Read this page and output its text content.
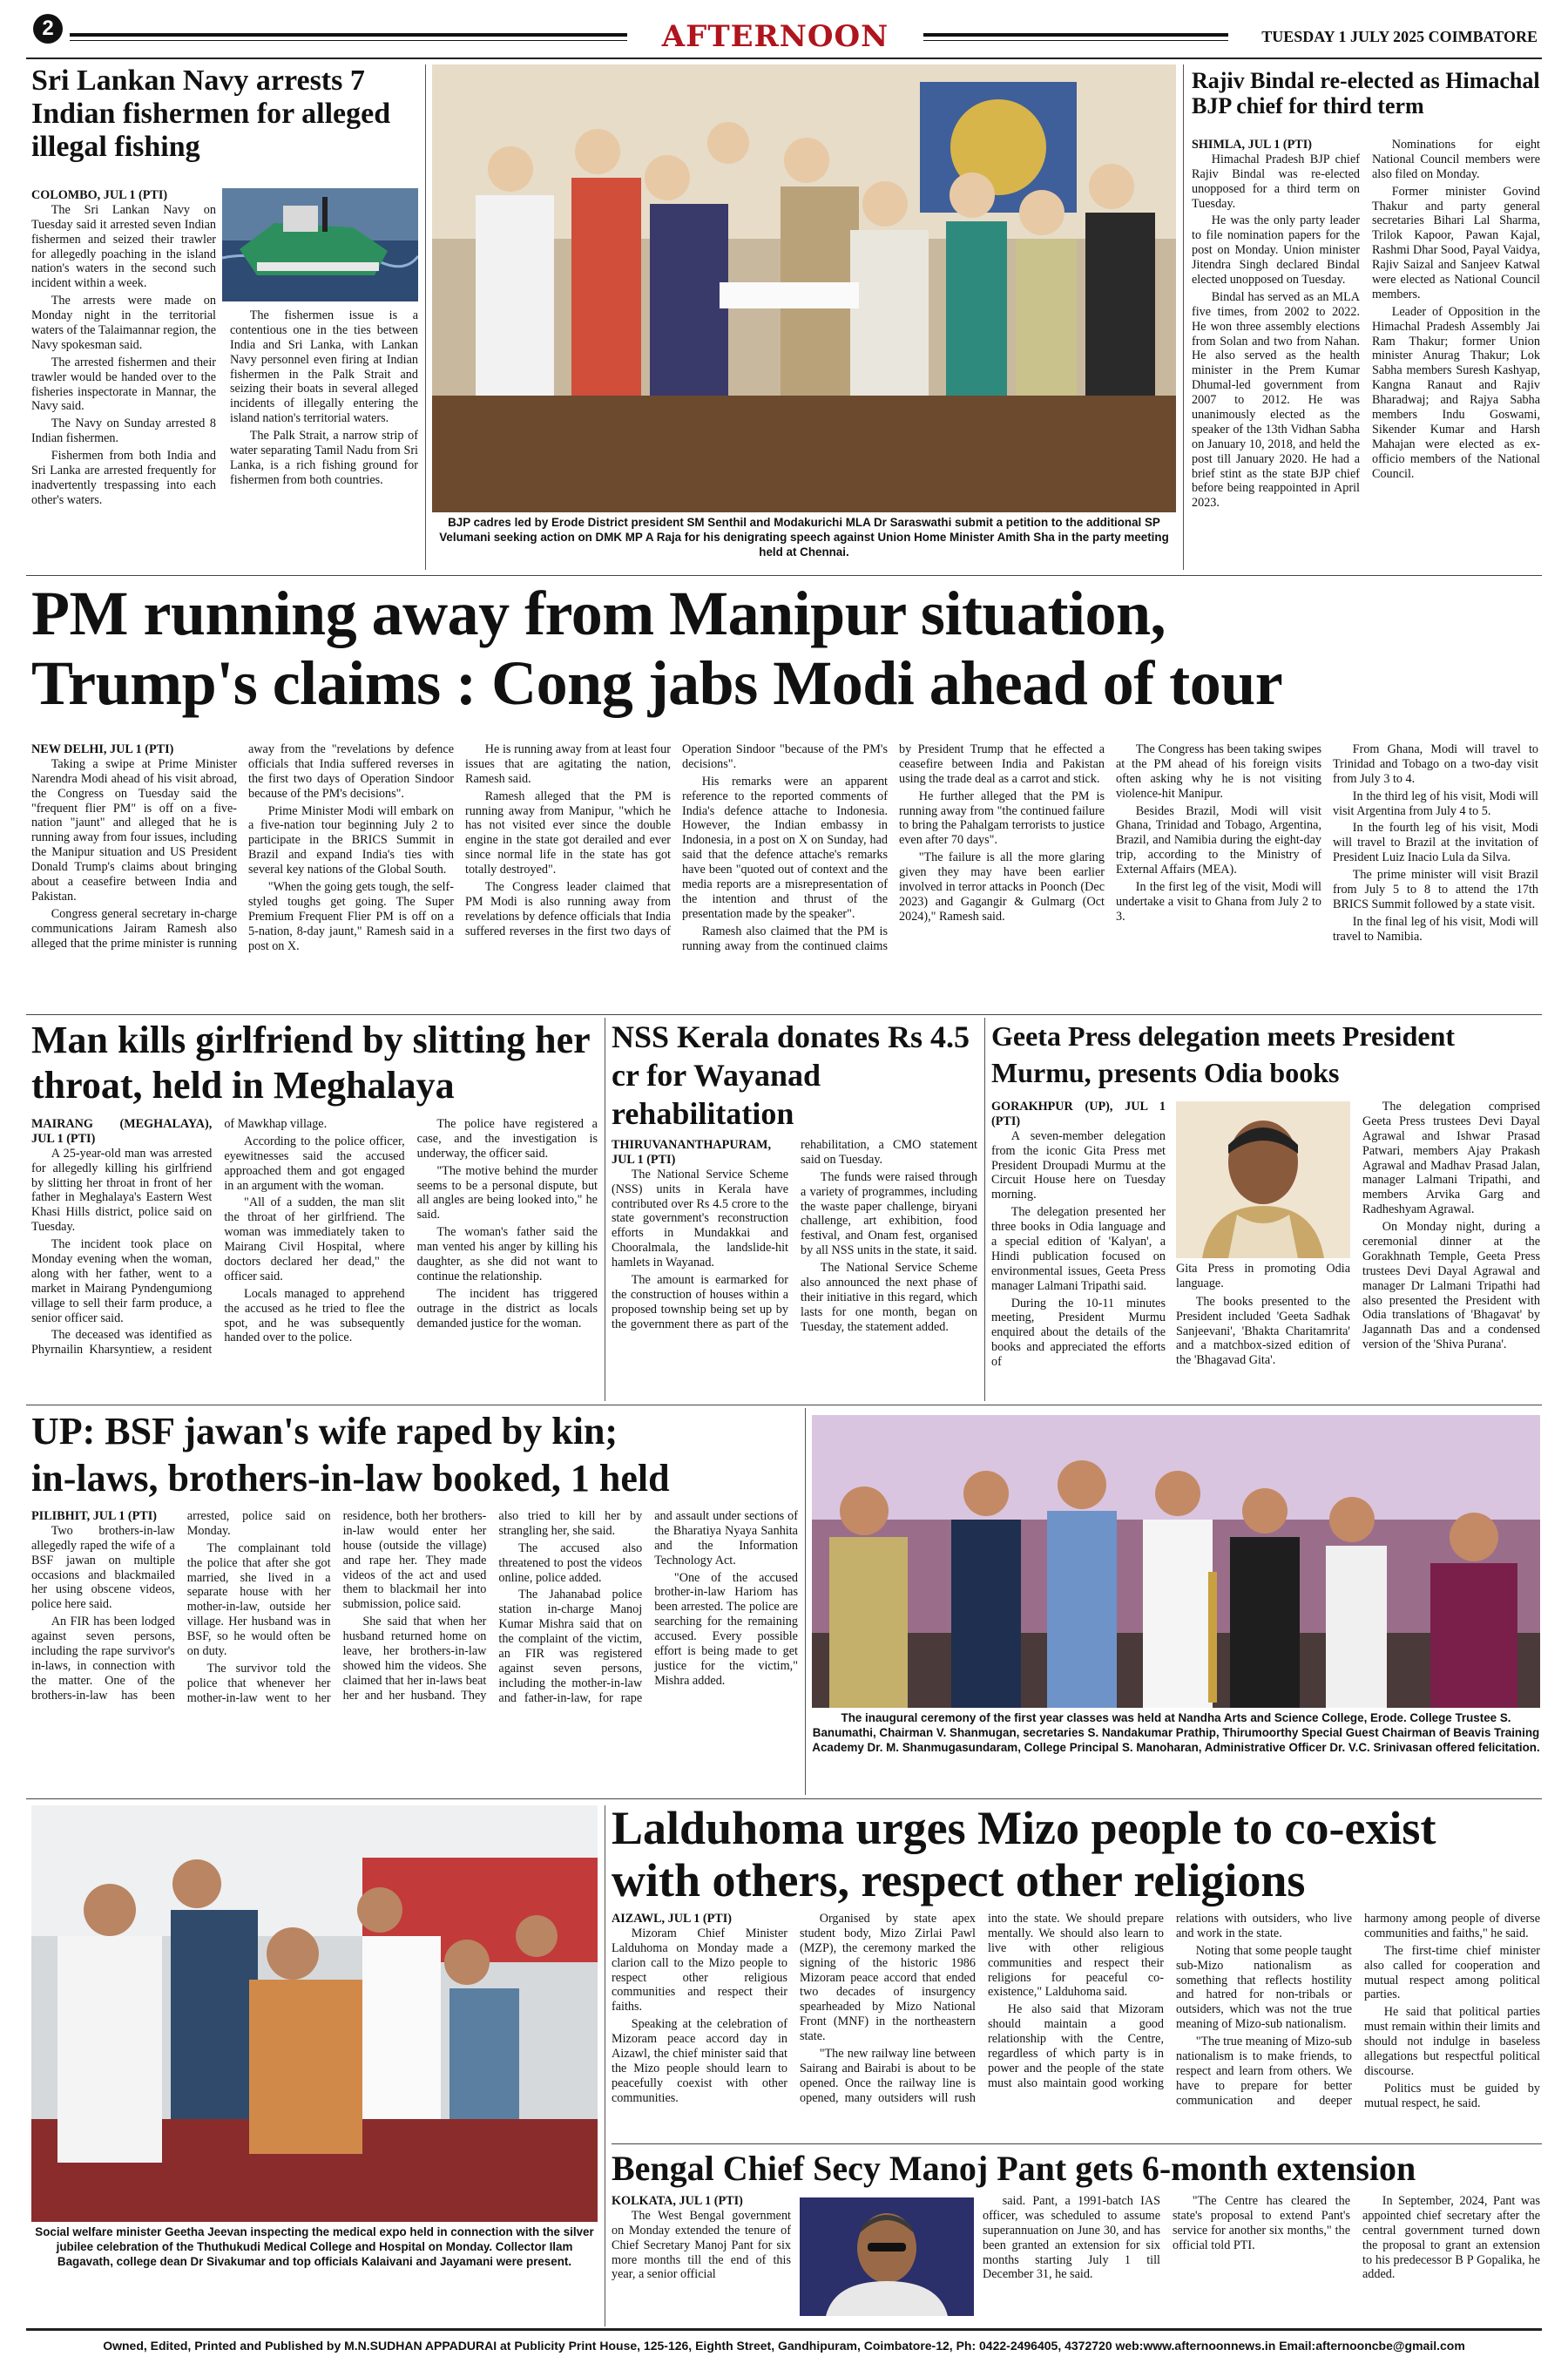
2	AFTERNOON	TUESDAY 1 JULY 2025 COIMBATORE
Sri Lankan Navy arrests 7 Indian fishermen for alleged illegal fishing
COLOMBO, JUL 1 (PTI)

The Sri Lankan Navy on Tuesday said it arrested seven Indian fishermen and seized their trawler for allegedly poaching in the island nation's waters in the second such incident within a week.

The arrests were made on Monday night in the territorial waters of the Talaimannar region, the Navy spokesman said.

The arrested fishermen and their trawler would be handed over to the fisheries inspectorate in Mannar, the Navy said.

The Navy on Sunday arrested 8 Indian fishermen.

Fishermen from both India and Sri Lanka are arrested frequently for inadvertently trespassing into each other's waters.

The fishermen issue is a contentious one in the ties between India and Sri Lanka, with Lankan Navy personnel even firing at Indian fishermen in the Palk Strait and seizing their boats in several alleged incidents of illegally entering the island nation's territorial waters.

The Palk Strait, a narrow strip of water separating Tamil Nadu from Sri Lanka, is a rich fishing ground for fishermen from both countries.

BJP cadres led by Erode District president SM Senthil and Modakurichi MLA Dr Saraswathi submit a petition to the additional SP Velumani seeking action on DMK MP A Raja for his denigrating speech against Union Home Minister Amith Sha in the party meeting held at Chennai.
Rajiv Bindal re-elected as Himachal BJP chief for third term
SHIMLA, JUL 1 (PTI)

Himachal Pradesh BJP chief Rajiv Bindal was re-elected unopposed for a third term on Tuesday.

He was the only party leader to file nomination papers for the post on Monday. Union minister Jitendra Singh declared Bindal elected unopposed on Tuesday.

Bindal has served as an MLA five times, from 2002 to 2022. He won three assembly elections from Solan and two from Nahan. He also served as the health minister in the Prem Kumar Dhumal-led government from 2007 to 2012. He was unanimously elected as the speaker of the 13th Vidhan Sabha on January 10, 2018, and held the post till January 2020. He had a brief stint as the state BJP chief before being reappointed in April 2023.

Nominations for eight National Council members were also filed on Monday.

Former minister Govind Thakur and party general secretaries Bihari Lal Sharma, Trilok Kapoor, Pawan Kajal, Rashmi Dhar Sood, Payal Vaidya, Rajiv Saizal and Sanjeev Katwal were elected as National Council members.

Leader of Opposition in the Himachal Pradesh Assembly Jai Ram Thakur; former Union minister Anurag Thakur; Lok Sabha members Suresh Kashyap, Kangna Ranaut and Rajiv Bharadwaj; and Rajya Sabha members Indu Goswami, Sikender Kumar and Harsh Mahajan were elected as ex-officio members of the National Council.

PM running away from Manipur situation,
Trump's claims : Cong jabs Modi ahead of tour
NEW DELHI, JUL 1 (PTI)

Taking a swipe at Prime Minister Narendra Modi ahead of his visit abroad, the Congress on Tuesday said the "frequent flier PM" is off on a five-nation "jaunt" and alleged that he is running away from four issues, including the Manipur situation and US President Donald Trump's claims about bringing about a ceasefire between India and Pakistan.

Congress general secretary in-charge communications Jairam Ramesh also alleged that the prime minister is running away from the "revelations by defence officials that India suffered reverses in the first two days of Operation Sindoor because of the PM's decisions".

Prime Minister Modi will embark on a five-nation tour beginning July 2 to participate in the BRICS Summit in Brazil and expand India's ties with several key nations of the Global South.

"When the going gets tough, the self-styled toughs get going. The Super Premium Frequent Flier PM is off on a 5-nation, 8-day jaunt," Ramesh said in a post on X.

He is running away from at least four issues that are agitating the nation, Ramesh said.

Ramesh alleged that the PM is running away from Manipur, "which he has not visited ever since the double engine in the state got derailed and ever since normal life in the state has got totally destroyed".

The Congress leader claimed that PM Modi is also running away from revelations by defence officials that India suffered reverses in the first two days of Operation Sindoor "because of the PM's decisions".

His remarks were an apparent reference to the reported comments of India's defence attache to Indonesia. However, the Indian embassy in Indonesia, in a post on X on Sunday, had said that the defence attache's remarks have been "quoted out of context and the media reports are a misrepresentation of the intention and thrust of the presentation made by the speaker".

Ramesh also claimed that the PM is running away from the continued claims by President Trump that he effected a ceasefire between India and Pakistan using the trade deal as a carrot and stick.

He further alleged that the PM is running away from "the continued failure to bring the Pahalgam terrorists to justice even after 70 days".

"The failure is all the more glaring given they may have been earlier involved in terror attacks in Poonch (Dec 2023) and Gagangir & Gulmarg (Oct 2024)," Ramesh said.

The Congress has been taking swipes at the PM ahead of his foreign visits often asking why he is not visiting violence-hit Manipur.

Besides Brazil, Modi will visit Ghana, Trinidad and Tobago, Argentina, Brazil, and Namibia during the eight-day trip, according to the Ministry of External Affairs (MEA).

In the first leg of the visit, Modi will undertake a visit to Ghana from July 2 to 3.

From Ghana, Modi will travel to Trinidad and Tobago on a two-day visit from July 3 to 4.

In the third leg of his visit, Modi will visit Argentina from July 4 to 5.

In the fourth leg of his visit, Modi will travel to Brazil at the invitation of President Luiz Inacio Lula da Silva.

The prime minister will visit Brazil from July 5 to 8 to attend the 17th BRICS Summit followed by a state visit.

In the final leg of his visit, Modi will travel to Namibia.

Man kills girlfriend by slitting her throat, held in Meghalaya
MAIRANG (MEGHALAYA), JUL 1 (PTI)

A 25-year-old man was arrested for allegedly killing his girlfriend by slitting her throat in front of her father in Meghalaya's Eastern West Khasi Hills district, police said on Tuesday.

The incident took place on Monday evening when the woman, along with her father, went to a market in Mairang Pyndengumiong village to sell their farm produce, a senior officer said.

The deceased was identified as Phyrnailin Kharsyntiew, a resident of Mawkhap village.

According to the police officer, eyewitnesses said the accused approached them and got engaged in an argument with the woman.

"All of a sudden, the man slit the throat of her girlfriend. The woman was immediately taken to Mairang Civil Hospital, where doctors declared her dead," the officer said.

Locals managed to apprehend the accused as he tried to flee the spot, and he was subsequently handed over to the police.

The police have registered a case, and the investigation is underway, the officer said.

"The motive behind the murder seems to be a personal dispute, but all angles are being looked into," he said.

The woman's father said the man vented his anger by killing his daughter, as she did not want to continue the relationship.

The incident has triggered outrage in the district as locals demanded justice for the woman.

NSS Kerala donates Rs 4.5 cr for Wayanad rehabilitation
THIRUVANANTHAPURAM, JUL 1 (PTI)

The National Service Scheme (NSS) units in Kerala have contributed over Rs 4.5 crore to the state government's reconstruction efforts in Mundakkai and Chooralmala, the landslide-hit hamlets in Wayanad.

The amount is earmarked for the construction of houses within a proposed township being set up by the government there as part of the rehabilitation, a CMO statement said on Tuesday.

The funds were raised through a variety of programmes, including the waste paper challenge, biryani challenge, art exhibition, food festival, and Onam fest, organised by all NSS units in the state, it said.

The National Service Scheme also announced the next phase of their initiative in this regard, which lasts for one month, began on Tuesday, the statement added.

Geeta Press delegation meets President Murmu, presents Odia books
GORAKHPUR (UP), JUL 1 (PTI)

A seven-member delegation from the iconic Gita Press met President Droupadi Murmu at the Circuit House here on Tuesday morning.

The delegation presented her three books in Odia language and a special edition of 'Kalyan', a Hindi publication focused on environmental issues, Geeta Press manager Lalmani Tripathi said.

During the 10-11 minutes meeting, President Murmu enquired about the details of the books and appreciated the efforts of

Gita Press in promoting Odia language.

The books presented to the President included 'Geeta Sadhak Sanjeevani', 'Bhakta Charitamrita' and a matchbox-sized edition of the 'Bhagavad Gita'.

The delegation comprised Geeta Press trustees Devi Dayal Agrawal and Ishwar Prasad Patwari, members Ajay Prakash Agrawal and Madhav Prasad Jalan, manager Lalmani Tripathi, and members Arvika Garg and Radheshyam Agrawal.

On Monday night, during a ceremonial dinner at the Gorakhnath Temple, Geeta Press trustees Devi Dayal Agrawal and manager Dr Lalmani Tripathi had also presented the President with Odia translations of 'Bhagavat' by Jagannath Das and a condensed version of the 'Shiva Purana'.

UP: BSF jawan's wife raped by kin;
in-laws, brothers-in-law booked, 1 held
PILIBHIT, JUL 1 (PTI)

Two brothers-in-law allegedly raped the wife of a BSF jawan on multiple occasions and blackmailed her using obscene videos, police here said.

An FIR has been lodged against seven persons, including the rape survivor's in-laws, in connection with the matter. One of the brothers-in-law has been arrested, police said on Monday.

The complainant told the police that after she got married, she lived in a separate house with her mother-in-law, outside her village. Her husband was in BSF, so he would often be on duty.

The survivor told the police that whenever her mother-in-law went to her residence, both her brothers-in-law would enter her house (outside the village) and rape her. They made videos of the act and used them to blackmail her into submission, police said.

She said that when her husband returned home on leave, her brothers-in-law showed him the videos. She claimed that her in-laws beat her and her husband. They also tried to kill her by strangling her, she said.

The accused also threatened to post the videos online, police added.

The Jahanabad police station in-charge Manoj Kumar Mishra said that on the complaint of the victim, an FIR was registered against seven persons, including the mother-in-law and father-in-law, for rape and assault under sections of the Bharatiya Nyaya Sanhita and the Information Technology Act.

"One of the accused brother-in-law Hariom has been arrested. The police are searching for the remaining accused. Every possible effort is being made to get justice for the victim," Mishra added.

The inaugural ceremony of the first year classes was held at Nandha Arts and Science College, Erode. College Trustee S. Banumathi, Chairman V. Shanmugan, secretaries S. Nandakumar Prathip, Thirumoorthy Special Guest Chairman of Beavis Training Academy Dr. M. Shanmugasundaram, College Principal S. Manoharan, Administrative Officer Dr. V.C. Srinivasan offered felicitation.
Social welfare minister Geetha Jeevan inspecting the medical expo held in connection with the silver jubilee celebration of the Thuthukudi Medical College and Hospital on Monday. Collector Ilam Bagavath, college dean Dr Sivakumar and top officials Kalaivani and Jayamani were present.
Lalduhoma urges Mizo people to co-exist
with others, respect other religions
AIZAWL, JUL 1 (PTI)

Mizoram Chief Minister Lalduhoma on Monday made a clarion call to the Mizo people to respect other religious communities and respect their faiths.

Speaking at the celebration of Mizoram peace accord day in Aizawl, the chief minister said that the Mizo people should learn to peacefully coexist with other communities.

Organised by state apex student body, Mizo Zirlai Pawl (MZP), the ceremony marked the signing of the historic 1986 Mizoram peace accord that ended two decades of insurgency spearheaded by Mizo National Front (MNF) in the northeastern state.

"The new railway line between Sairang and Bairabi is about to be opened. Once the railway line is opened, many outsiders will rush into the state. We should prepare mentally. We should also learn to live with other religious communities and respect their religions for peaceful co-existence," Lalduhoma said.

He also said that Mizoram should maintain a good relationship with the Centre, regardless of which party is in power and the people of the state must also maintain good working relations with outsiders, who live and work in the state.

Noting that some people taught sub-Mizo nationalism as something that reflects hostility and hatred for non-tribals or outsiders, which was not the true meaning of Mizo-sub nationalism.

"The true meaning of Mizo-sub nationalism is to make friends, to respect and learn from others. We have to prepare for better communication and deeper harmony among people of diverse communities and faiths," he said.

The first-time chief minister also called for cooperation and mutual respect among political parties.

He said that political parties must remain within their limits and should not indulge in baseless allegations but respectful political discourse.

Politics must be guided by mutual respect, he said.

Bengal Chief Secy Manoj Pant gets 6-month extension
KOLKATA, JUL 1 (PTI)

The West Bengal government on Monday extended the tenure of Chief Secretary Manoj Pant for six more months till the end of this year, a senior official

said. Pant, a 1991-batch IAS officer, was scheduled to assume superannuation on June 30, and has been granted an extension for six months starting July 1 till December 31, he said.

"The Centre has cleared the state's proposal to extend Pant's service for another six months," the official told PTI.

In September, 2024, Pant was appointed chief secretary after the central government turned down the proposal to grant an extension to his predecessor B P Gopalika, he added.

Owned, Edited, Printed and Published by M.N.SUDHAN APPADURAI at Publicity Print House, 125-126, Eighth Street, Gandhipuram, Coimbatore-12, Ph: 0422-2496405, 4372720 web:www.afternoonnews.in Email:afternooncbe@gmail.com
